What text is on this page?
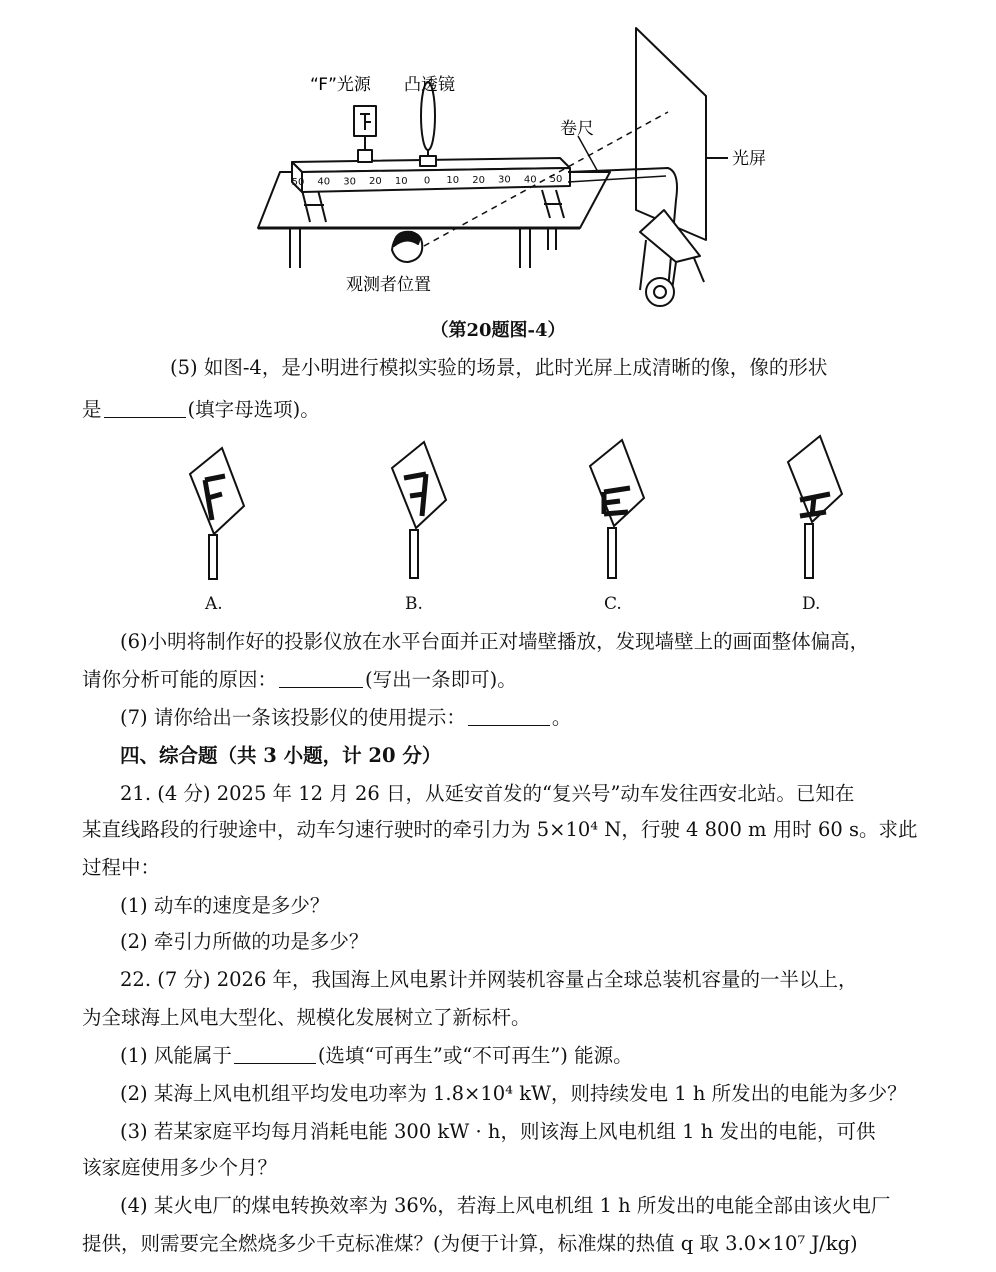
50 40 30 20 10 0 10 20 30 40 50
“F”光源 凸透镜
卷尺
光屏
观测者位置
（第20题图-4）
(5) 如图-4，是小明进行模拟实验的场景，此时光屏上成清晰的像，像的形状
是	(填字母选项)。
A.	B.	C.	D.
(6)小明将制作好的投影仪放在水平台面并正对墙壁播放，发现墙壁上的画面整体偏高，
请你分析可能的原因：	(写出一条即可)。
(7) 请你给出一条该投影仪的使用提示：	。
四、综合题（共 3 小题，计 20 分）
21. (4 分) 2025 年 12 月 26 日，从延安首发的“复兴号”动车发往西安北站。已知在
某直线路段的行驶途中，动车匀速行驶时的牵引力为 5×10⁴ N，行驶 4 800 m 用时 60 s。求此
过程中：
(1) 动车的速度是多少？
(2) 牵引力所做的功是多少？
22. (7 分) 2026 年，我国海上风电累计并网装机容量占全球总装机容量的一半以上，
为全球海上风电大型化、规模化发展树立了新标杆。
(1) 风能属于	(选填“可再生”或“不可再生”) 能源。
(2) 某海上风电机组平均发电功率为 1.8×10⁴ kW，则持续发电 1 h 所发出的电能为多少？
(3) 若某家庭平均每月消耗电能 300 kW · h，则该海上风电机组 1 h 发出的电能，可供
该家庭使用多少个月？
(4) 某火电厂的煤电转换效率为 36%，若海上风电机组 1 h 所发出的电能全部由该火电厂
提供，则需要完全燃烧多少千克标准煤？(为便于计算，标准煤的热值 q 取 3.0×10⁷ J/kg)
